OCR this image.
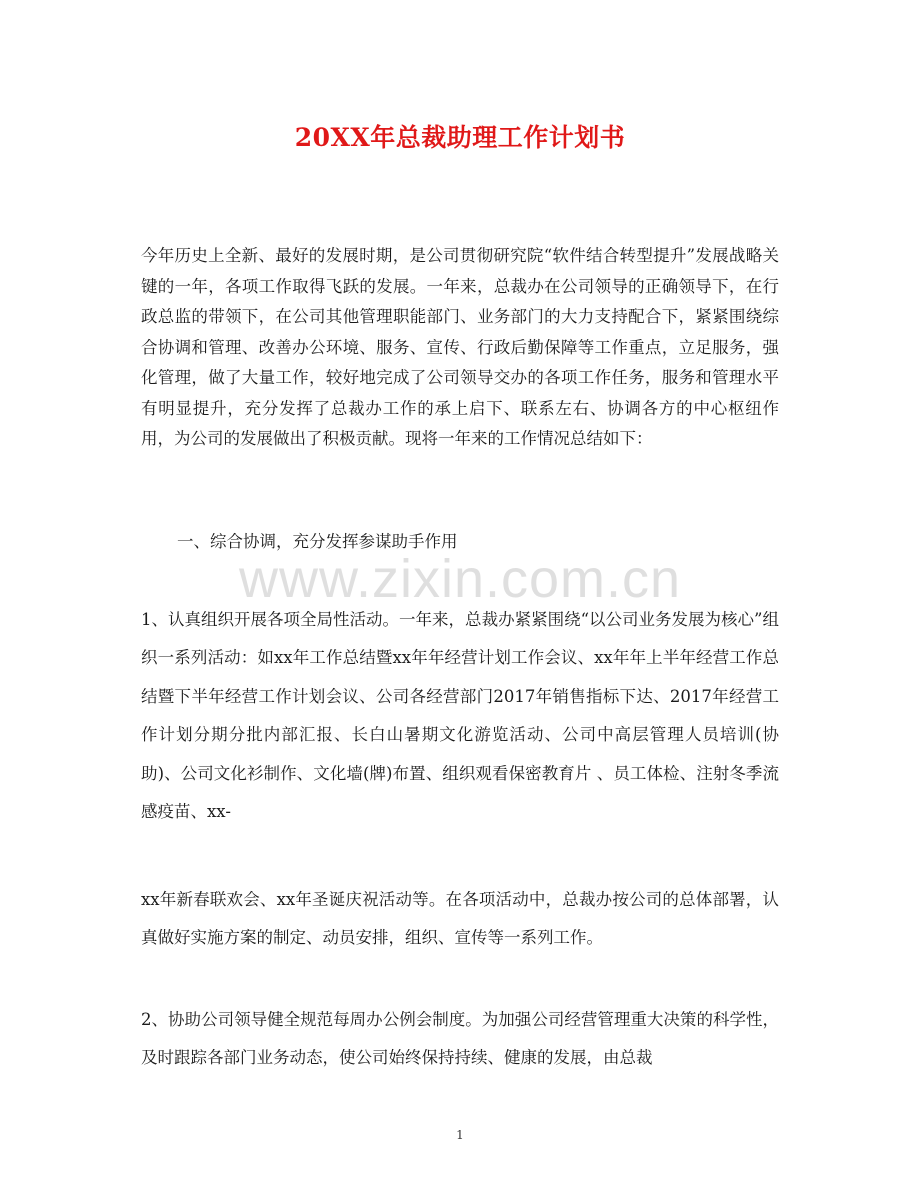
20XX年总裁助理工作计划书
今年历史上全新、最好的发展时期，是公司贯彻研究院“软件结合转型提升”发展战略关键的一年，各项工作取得飞跃的发展。一年来，总裁办在公司领导的正确领导下，在行政总监的带领下，在公司其他管理职能部门、业务部门的大力支持配合下，紧紧围绕综合协调和管理、改善办公环境、服务、宣传、行政后勤保障等工作重点，立足服务，强化管理，做了大量工作，较好地完成了公司领导交办的各项工作任务，服务和管理水平有明显提升，充分发挥了总裁办工作的承上启下、联系左右、协调各方的中心枢纽作用，为公司的发展做出了积极贡献。现将一年来的工作情况总结如下：
一、综合协调，充分发挥参谋助手作用
www.zixin.com.cn
1、认真组织开展各项全局性活动。一年来，总裁办紧紧围绕“以公司业务发展为核心”组织一系列活动：如xx年工作总结暨xx年年经营计划工作会议、xx年年上半年经营工作总结暨下半年经营工作计划会议、公司各经营部门2017年销售指标下达、2017年经营工作计划分期分批内部汇报、长白山暑期文化游览活动、公司中高层管理人员培训(协助)、公司文化衫制作、文化墙(牌)布置、组织观看保密教育片 、员工体检、注射冬季流感疫苗、xx-
xx年新春联欢会、xx年圣诞庆祝活动等。在各项活动中，总裁办按公司的总体部署，认真做好实施方案的制定、动员安排，组织、宣传等一系列工作。
2、协助公司领导健全规范每周办公例会制度。为加强公司经营管理重大决策的科学性，及时跟踪各部门业务动态，使公司始终保持持续、健康的发展，由总裁
1
